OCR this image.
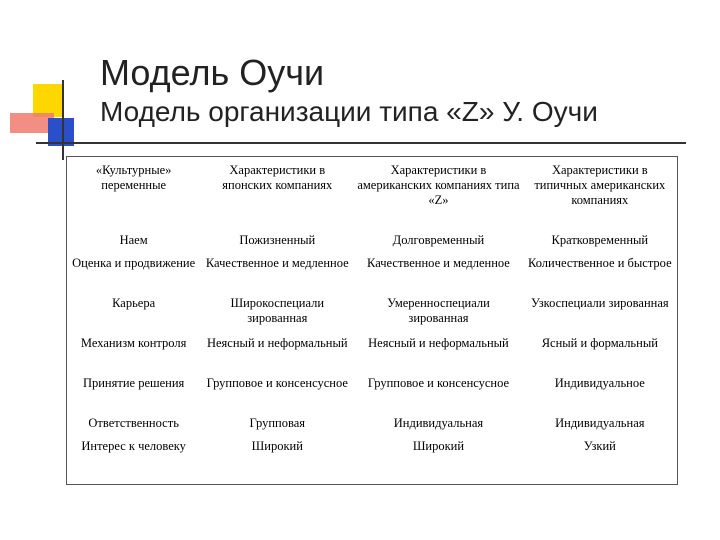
Модель Оучи
Модель организации типа «Z» У. Оучи
«Культурные» переменные	Характеристики в японских компаниях	Характеристики в американских компаниях типа «Z»	Характеристики в типичных американских компаниях
Наем	Пожизненный	Долговременный	Кратковременный
Оценка и продвижение	Качественное и медленное	Качественное и медленное	Количественное и быстрое
Карьера	Широкоспециали зированная	Умеренноспециали зированная	Узкоспециали зированная
Механизм контроля	Неясный и неформальный	Неясный и неформальный	Ясный и формальный
Принятие решения	Групповое и консенсусное	Групповое и консенсусное	Индивидуальное
Ответственность	Групповая	Индивидуальная	Индивидуальная
Интерес к человеку	Широкий	Широкий	Узкий
